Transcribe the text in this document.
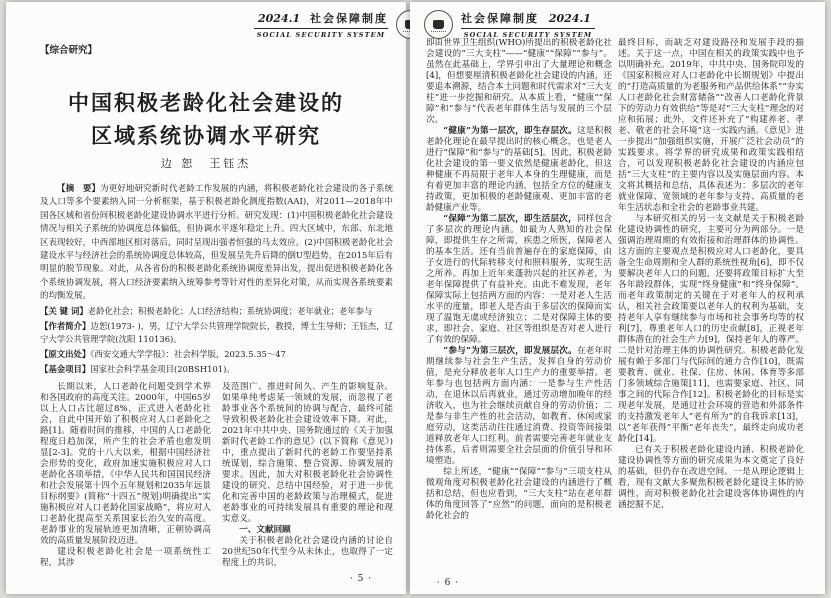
2024.1 社会保障制度
SOCIAL SECURITY SYSTEM
【综合研究】
中国积极老龄化社会建设的
区域系统协调水平研究
边 恕　王钰杰

【摘　要】为更好地研究新时代老龄工作发展的内涵，将积极老龄化社会建设的各子系统及人口等多个要素纳入同一分析框架，基于积极老龄化测度指数(AAI)，对2011—2018年中国各区域和省份间积极老龄化建设协调水平进行分析。研究发现：(1)中国积极老龄化社会建设情况与相关子系统的协调度总体偏低，但协调水平逐年稳定上升。四大区域中，东部、东北地区表现较好，中西部地区相对落后，同时呈现出强者恒强的马太效应。(2)中国积极老龄化社会建设水平与经济社会的系统协调度总体较高，但发展呈先升后降的倒U型趋势，在2015年后有明显的脱节现象。对此，从各省份的积极老龄化系统协调度差异出发，提出促进积极老龄化各个系统协调发展，将人口经济要素纳入统筹参考等针对性的差异化对策，从而实现各系统要素的均衡发展。

【关 键 词】老龄化社会；积极老龄化；人口经济结构；系统协调度；老年就业；老年参与

【作者简介】边恕(1973- )，男，辽宁大学公共管理学院院长，教授，博士生导师；王钰杰，辽宁大学公共管理学院(沈阳 110136)。

【原文出处】《西安交通大学学报》：社会科学版，2023.5.35～47

【基金项目】国家社会科学基金项目(20BSH101)。

长期以来，人口老龄化问题受到学术界和各国政府的高度关注。2000年，中国65岁以上人口占比超过8%，正式进入老龄化社会，自此中国开始了积极应对人口老龄化之路[1]。随着时间的推移，中国的人口老龄化程度日趋加深，所产生的社会矛盾也愈发明显[2-3]。党的十八大以来，根据中国经济社会形势的变化，政府加速实施积极应对人口老龄化各项举措，《中华人民共和国国民经济和社会发展第十四个五年规划和2035年远景目标纲要》(简称“十四五”规划)明确提出“实施积极应对人口老龄化国家战略”，将应对人口老龄化提高至关系国家长治久安的高度。老龄事业的发展轨迹更加清晰，正朝协调高效的高质量发展阶段迈进。

建设积极老龄化社会是一项系统性工程，其涉

及范围广、推进时间久、产生的影响复杂。如果单纯考虑某一领域的发展，而忽视了老龄事业各个系统间的协调与配合，最终可能导致积极老龄化社会建设效率下降。对此，2021年中共中央、国务院通过的《关于加强新时代老龄工作的意见》(以下简称《意见》)中，重点提出了新时代的老龄工作要坚持系统谋划，综合施策、整合资源、协调发展的要求。因此，加大对积极老龄化社会协调性建设的研究、总结中国经验，对于进一步优化和完善中国的老龄政策与治理模式，促进老龄事业的可持续发展具有重要的理论和现实意义。

一、文献回顾

关于积极老龄化社会建设内涵的讨论自20世纪50年代至今从未休止，也取得了一定程度上的共识，

· 5 ·
社会保障制度 2024.1
SOCIAL SECURITY SYSTEM

即由世界卫生组织(WHO)所提出的积极老龄化社会建设的“三大支柱”——“健康”“保障”“参与”。虽然在此基础上，学界引申出了大量理论和概念[4]，但想要厘清积极老龄化社会建设的内涵，还要追本溯源，结合本土问题和时代需求对“三大支柱”进一步挖掘和研究。从本质上看，“健康”“保障”和“参与”代表老年群体生活与发展的三个层次。

“健康”为第一层次，即生存层次。这是积极老龄化理论在最早提出时的核心概念，也是老人进行“保障”和“参与”的基础[5]。因此，积极老龄化社会建设的第一要义依然是健康老龄化，但这种健康不再局限于老年人本身的生理健康，而是有着更加丰富的理论内涵，包括全方位的健康支持政策，更加积极的老龄健康观、更加丰富的老龄健康产业等。

“保障”为第二层次，即生活层次，同样包含了多层次的理论内涵。如最为人熟知的社会保障，即提供生存之所需，疾患之所医，保障老人的基本生活。还有当前普遍存在的家庭保障，由子女进行的代际转移支付和照料服务，实现生活之所养。再加上近年来蓬勃兴起的社区养老，为老年保障提供了有益补充。由此不难发现，老年保障实际上包括两方面的内容：一是对老人生活水平的度量，即老人是否由于多层次的保障而实现了温饱无虞或经济独立；二是对保障主体的要求，即社会、家庭、社区等组织是否对老人进行了有效的保障。

“参与”为第三层次，即发展层次。在老年时期继续参与社会生产生活，发挥自身的劳动价值，是充分释放老年人口生产力的重要举措。老年参与也包括两方面内涵：一是参与生产性活动，在退休以后再就业，通过劳动增加晚年的经济收入，也为社会继续贡献自身的劳动价值；二是参与非生产性的社会活动，如教育、休闲或家庭劳动，这类活动往往通过消费、投资等间接渠道释放老年人口红利。前者需要完善老年就业支持体系，后者则需要全社会层面的价值引导和环境塑造。

综上所述，“健康”“保障”“参与”三项支柱从微观角度对积极老龄化社会建设的内涵进行了概括和总结，但也应看到，“三大支柱”站在老年群体的角度回答了“应然”的问题，面向的是积极老龄化社会的

最终目标，而缺乏对建设路径和发展手段的描述。关于这一点，中国在相关的政策实践中也予以明确补充。2019年，中共中央、国务院印发的《国家积极应对人口老龄化中长期规划》中提出的“打造高质量的为老服务和产品供给体系”“夯实人口老龄化社会财富储备”“改善人口老龄化背景下的劳动力有效供给”等是对“三大支柱”理念的对应和拓展；此外，文件还补充了“构建养老、孝老、敬老的社会环境”这一实践内涵。《意见》进一步提出“加强组织实施，开展广泛社会动员”的实践要求。将学界的研究成果和政策实践相结合，可以发现积极老龄化社会建设的内涵应包括“三大支柱”的主要内容以及实施层面内容。本文将其概括和总结，具体表述为：多层次的老年就业保障、宽领域的老年参与支持、高质量的老年生活状态和全社会的老龄事业共建。

与本研究相关的另一支文献是关于积极老龄化建设协调性的研究，主要可分为两部分。一是强调治理周期的有效衔接和治理群体的协调性。这方面的主要观点是积极应对人口老龄化，要具备全生命周期和全人群的系统性视角[6]，即不仅要解决老年人口的问题，还要将政策目标扩大至各年龄段群体，实现“终身健康”和“终身保障”。而老年政策制定的关键在于对老年人的权利承认，相关社会政策要以老年人的权利为基础，支持老年人享有继续参与市场和社会事务均等的权利[7]，尊重老年人口的历史贡献[8]，正视老年群体潜在的社会生产力[9]，保持老年人的尊严。二是针对治理主体的协调性研究。积极老龄化发展有赖于多部门与代际间的通力合作[10]，既需要教育、就业、社保、住房、休闲、体育等多部门多领域综合施策[11]，也需要家庭、社区、同事之间的代际合作[12]。积极老龄化的目标是实现老年发展，是通过社会环境的营造和外部条件的支持激发老年人“老有所为”的自我诉求[13]，以“老年获得”平衡“老年丧失”，最终走向成功老龄化[14]。

已有关于积极老龄化建设内涵、积极老龄化建设协调性等方面的研究成果为本文奠定了良好的基础，但仍存在改进空间。一是从理论逻辑上看，现有文献大多聚焦积极老龄化建设主体的协调性，而对积极老龄化社会建设客体协调性的内涵挖掘不足，

· 6 ·
